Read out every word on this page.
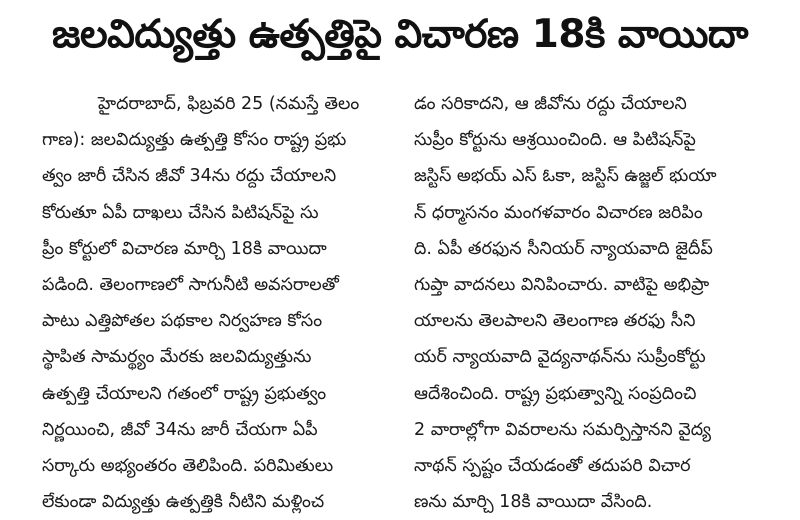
జలవిద్యుత్తు ఉత్పత్తిపై విచారణ 18కి వాయిదా
హైదరాబాద్, ఫిబ్రవరి 25 (నమస్తే తెలం
గాణ): జలవిద్యుత్తు ఉత్పత్తి కోసం రాష్ట్ర ప్రభు
త్వం జారీ చేసిన జీవో 34ను రద్దు చేయాలని
కోరుతూ ఏపీ దాఖలు చేసిన పిటిషన్‌పై సు
ప్రీం కోర్టులో విచారణ మార్చి 18కి వాయిదా
పడింది. తెలంగాణలో సాగునీటి అవసరాలతో
పాటు ఎత్తిపోతల పథకాల నిర్వహణ కోసం
స్థాపిత సామర్థ్యం మేరకు జలవిద్యుత్తును
ఉత్పత్తి చేయాలని గతంలో రాష్ట్ర ప్రభుత్వం
నిర్ణయించి, జీవో 34ను జారీ చేయగా ఏపీ
సర్కారు అభ్యంతరం తెలిపింది. పరిమితులు
లేకుండా విద్యుత్తు ఉత్పత్తికి నీటిని మళ్లించ
డం సరికాదని, ఆ జీవోను రద్దు చేయాలని
సుప్రీం కోర్టును ఆశ్రయించింది. ఆ పిటిషన్‌పై
జస్టిస్ అభయ్ ఎస్ ఓకా, జస్టిస్ ఉజ్జల్ భుయా
న్ ధర్మాసనం మంగళవారం విచారణ జరిపిం
ది. ఏపీ తరఫున సీనియర్ న్యాయవాది జైదీప్
గుప్తా వాదనలు వినిపించారు. వాటిపై అభిప్రా
యాలను తెలపాలని తెలంగాణ తరఫు సీని
యర్ న్యాయవాది వైద్యనాథన్‌ను సుప్రీంకోర్టు
ఆదేశించింది. రాష్ట్ర ప్రభుత్వాన్ని సంప్రదించి
2 వారాల్లోగా వివరాలను సమర్పిస్తానని వైద్య
నాథన్ స్పష్టం చేయడంతో తదుపరి విచార
ణను మార్చి 18కి వాయిదా వేసింది.
